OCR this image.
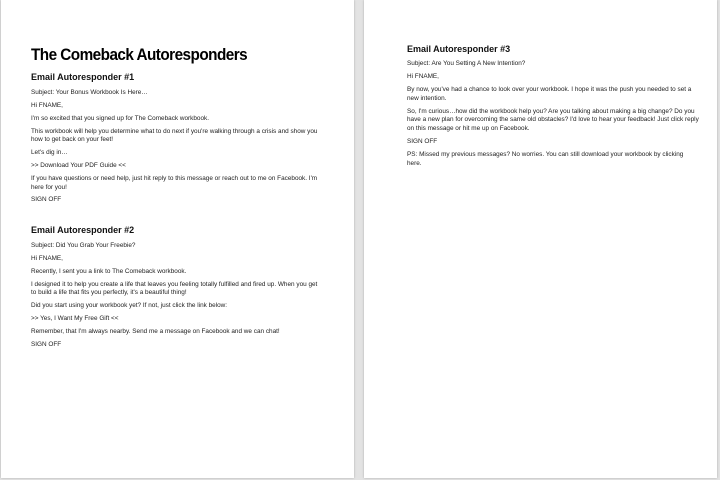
The Comeback Autoresponders
Email Autoresponder #1
Subject: Your Bonus Workbook Is Here…
Hi FNAME,
I'm so excited that you signed up for The Comeback workbook.
This workbook will help you determine what to do next if you're walking through a crisis and show you how to get back on your feet!
Let's dig in…
>> Download Your PDF Guide <<
If you have questions or need help, just hit reply to this message or reach out to me on Facebook. I'm here for you!
SIGN OFF
Email Autoresponder #2
Subject: Did You Grab Your Freebie?
Hi FNAME,
Recently, I sent you a link to The Comeback workbook.
I designed it to help you create a life that leaves you feeling totally fulfilled and fired up. When you get to build a life that fits you perfectly, it's a beautiful thing!
Did you start using your workbook yet? If not, just click the link below:
>> Yes, I Want My Free Gift <<
Remember, that I'm always nearby. Send me a message on Facebook and we can chat!
SIGN OFF
Email Autoresponder #3
Subject: Are You Setting A New Intention?
Hi FNAME,
By now, you've had a chance to look over your workbook. I hope it was the push you needed to set a new intention.
So, I'm curious…how did the workbook help you? Are you talking about making a big change? Do you have a new plan for overcoming the same old obstacles? I'd love to hear your feedback! Just click reply on this message or hit me up on Facebook.
SIGN OFF
PS: Missed my previous messages? No worries. You can still download your workbook by clicking here.
